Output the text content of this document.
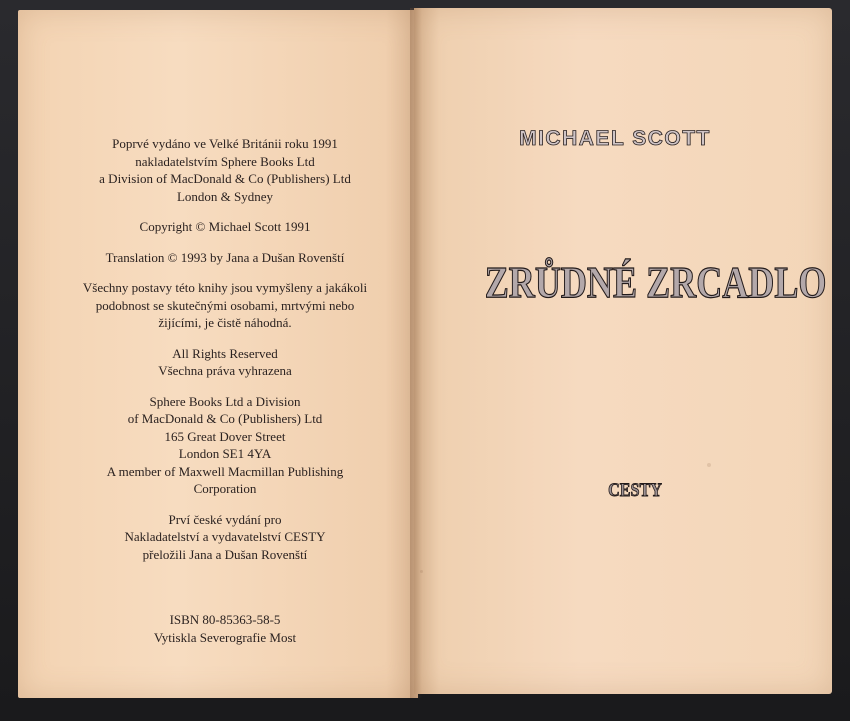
Poprvé vydáno ve Velké Británii roku 1991
nakladatelstvím Sphere Books Ltd
a Division of MacDonald & Co (Publishers) Ltd
London & Sydney
Copyright © Michael Scott 1991
Translation © 1993 by Jana a Dušan Rovenští
Všechny postavy této knihy jsou vymyšleny a jakákoli
podobnost se skutečnými osobami, mrtvými nebo
žijícími, je čistě náhodná.
All Rights Reserved
Všechna práva vyhrazena
Sphere Books Ltd a Division
of MacDonald & Co (Publishers) Ltd
165 Great Dover Street
London SE1 4YA
A member of Maxwell Macmillan Publishing
Corporation
Prví české vydání pro
Nakladatelství a vydavatelství CESTY
přeložili Jana a Dušan Rovenští
ISBN 80-85363-58-5
Vytiskla Severografie Most
MICHAEL SCOTT
ZRŮDNÉ ZRCADLO
CESTY
